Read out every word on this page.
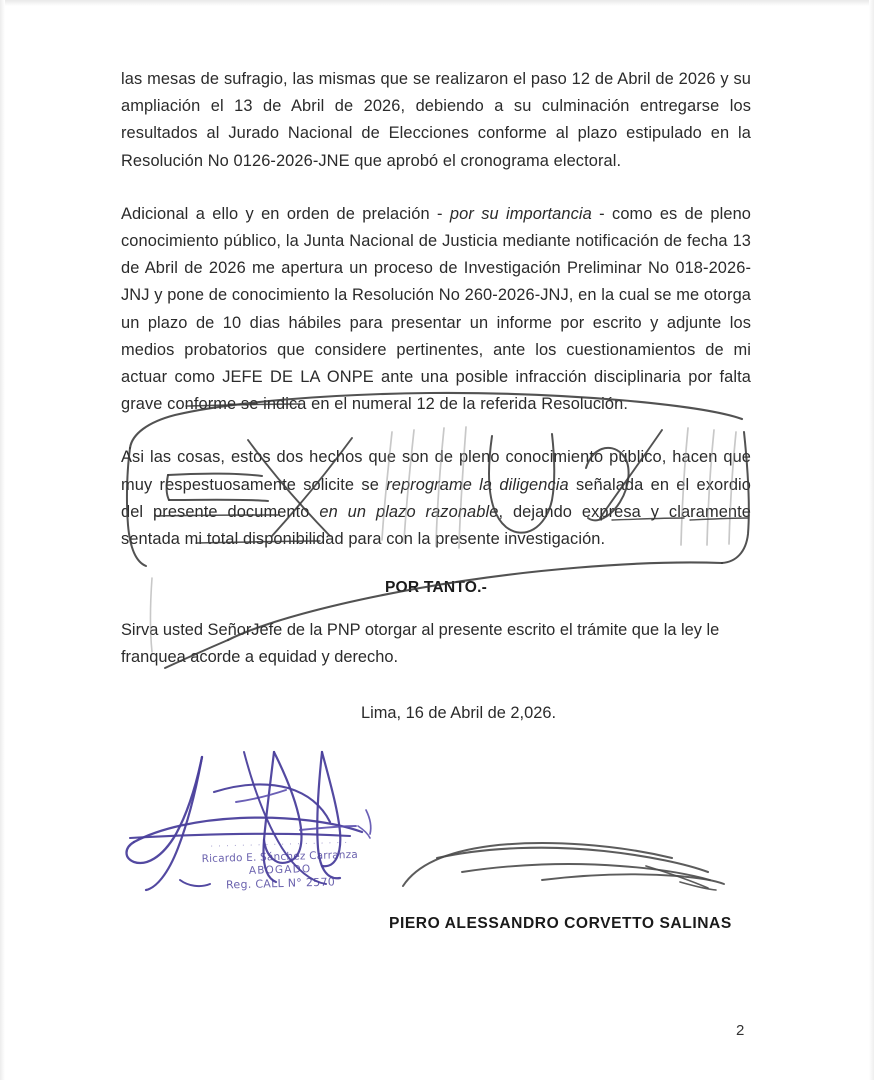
las mesas de sufragio, las mismas que se realizaron el paso 12 de Abril de 2026 y su ampliación el 13 de Abril de 2026, debiendo a su culminación entregarse los resultados al Jurado Nacional de Elecciones conforme al plazo estipulado en la Resolución No 0126-2026-JNE que aprobó el cronograma electoral.

Adicional a ello y en orden de prelación - por su importancia - como es de pleno conocimiento público, la Junta Nacional de Justicia mediante notificación de fecha 13 de Abril de 2026 me apertura un proceso de Investigación Preliminar No 018-2026-JNJ y pone de conocimiento la Resolución No 260-2026-JNJ, en la cual se me otorga un plazo de 10 dias hábiles para presentar un informe por escrito y adjunte los medios probatorios que considere pertinentes, ante los cuestionamientos de mi actuar como JEFE DE LA ONPE ante una posible infracción disciplinaria por falta grave conforme se indica en el numeral 12 de la referida Resolución.

Asi las cosas, estos dos hechos que son de pleno conocimiento público, hacen que muy respestuosamente solicite se reprograme la diligencia señalada en el exordio del presente documento en un plazo razonable, dejando expresa y claramente sentada mi total disponibilidad para con la presente investigación.

POR TANTO.-

Sirva usted SeñorJefe de la PNP otorgar al presente escrito el trámite que la ley le franquea acorde a equidad y derecho.

Lima, 16 de Abril de 2,026.
· · · · · · · · · · · · · · · · · ·
Ricardo E. Sánchez Carranza
ABOGADO
Reg. CALL N° 2570
PIERO ALESSANDRO CORVETTO SALINAS
2
